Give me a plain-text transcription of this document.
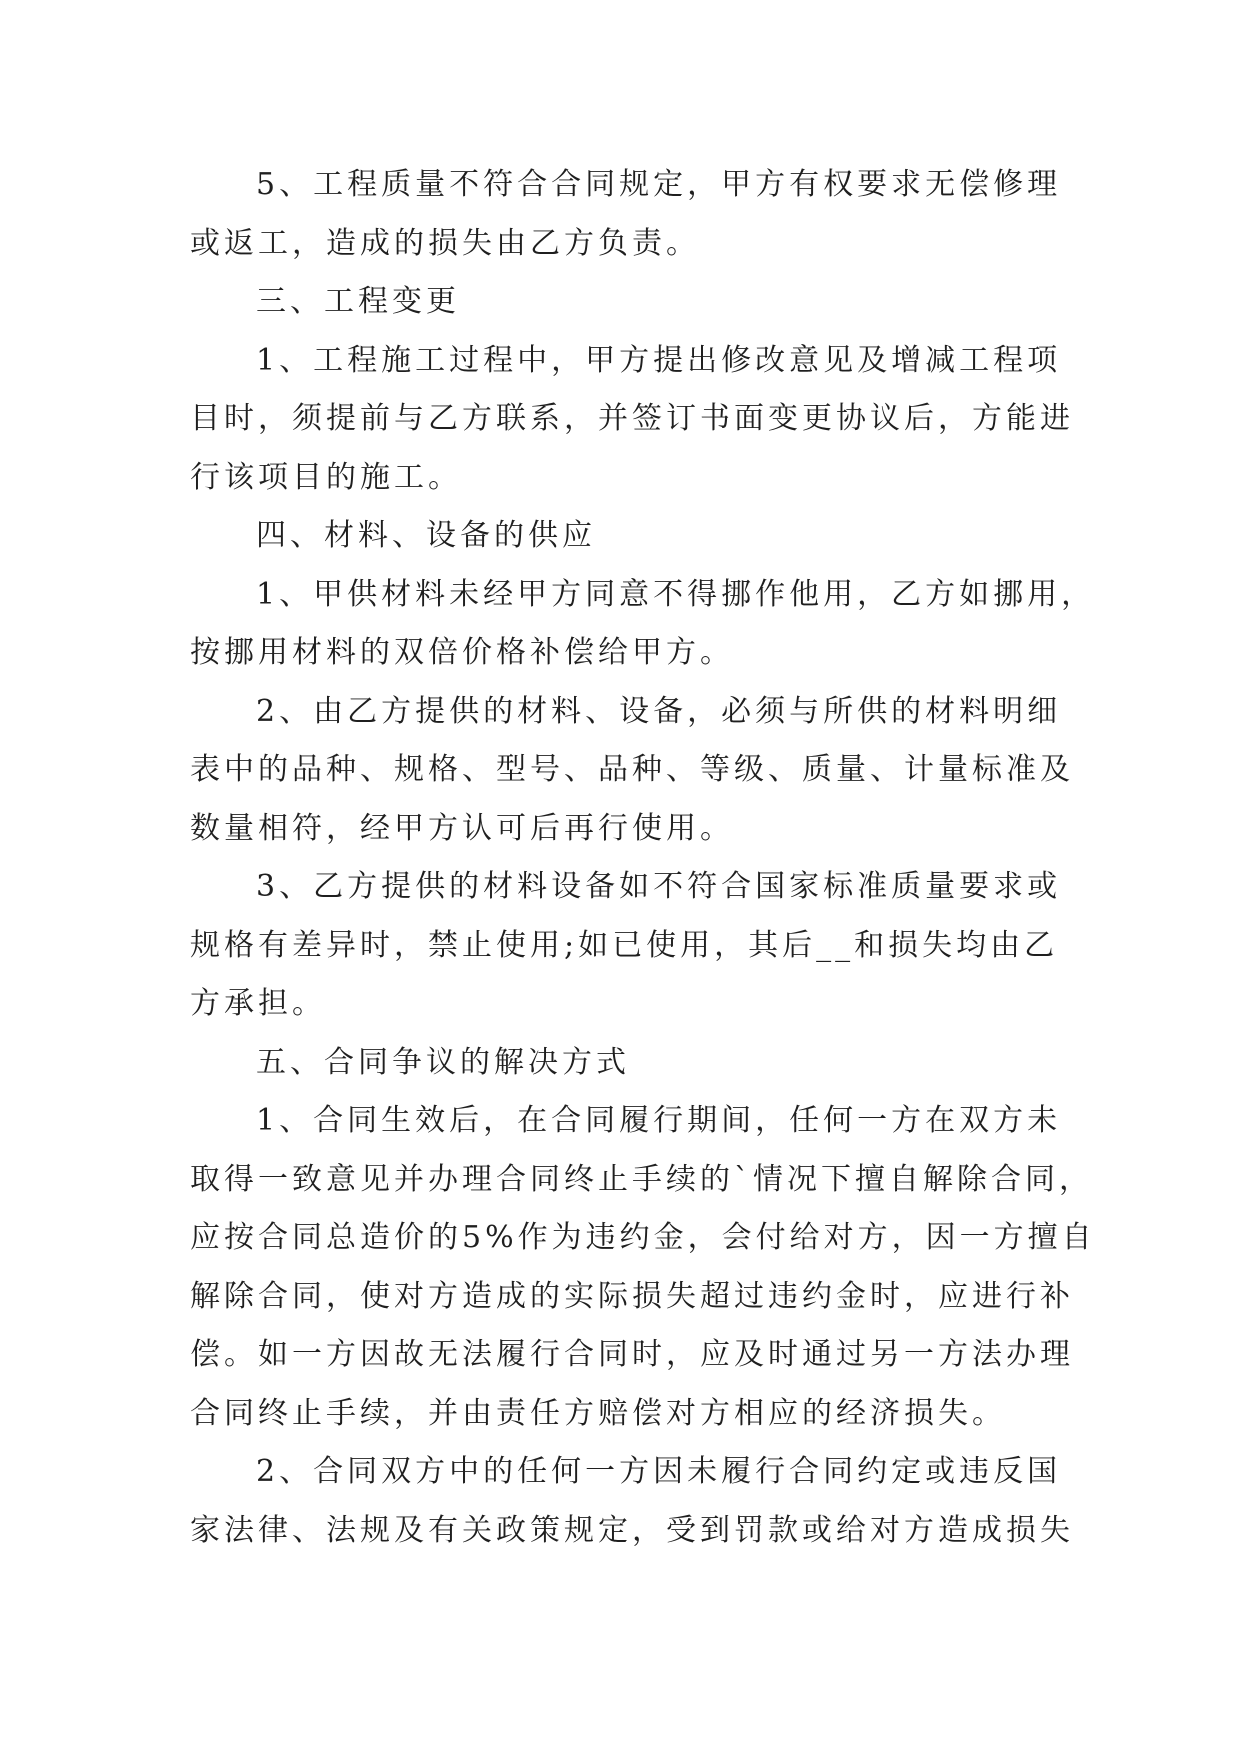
5、工程质量不符合合同规定，甲方有权要求无偿修理
或返工，造成的损失由乙方负责。
三、工程变更
1、工程施工过程中，甲方提出修改意见及增减工程项
目时，须提前与乙方联系，并签订书面变更协议后，方能进
行该项目的施工。
四、材料、设备的供应
1、甲供材料未经甲方同意不得挪作他用，乙方如挪用，
按挪用材料的双倍价格补偿给甲方。
2、由乙方提供的材料、设备，必须与所供的材料明细
表中的品种、规格、型号、品种、等级、质量、计量标准及
数量相符，经甲方认可后再行使用。
3、乙方提供的材料设备如不符合国家标准质量要求或
规格有差异时，禁止使用;如已使用，其后__和损失均由乙
方承担。
五、合同争议的解决方式
1、合同生效后，在合同履行期间，任何一方在双方未
取得一致意见并办理合同终止手续的`情况下擅自解除合同，
应按合同总造价的5%作为违约金，会付给对方，因一方擅自
解除合同，使对方造成的实际损失超过违约金时，应进行补
偿。如一方因故无法履行合同时，应及时通过另一方法办理
合同终止手续，并由责任方赔偿对方相应的经济损失。
2、合同双方中的任何一方因未履行合同约定或违反国
家法律、法规及有关政策规定，受到罚款或给对方造成损失
